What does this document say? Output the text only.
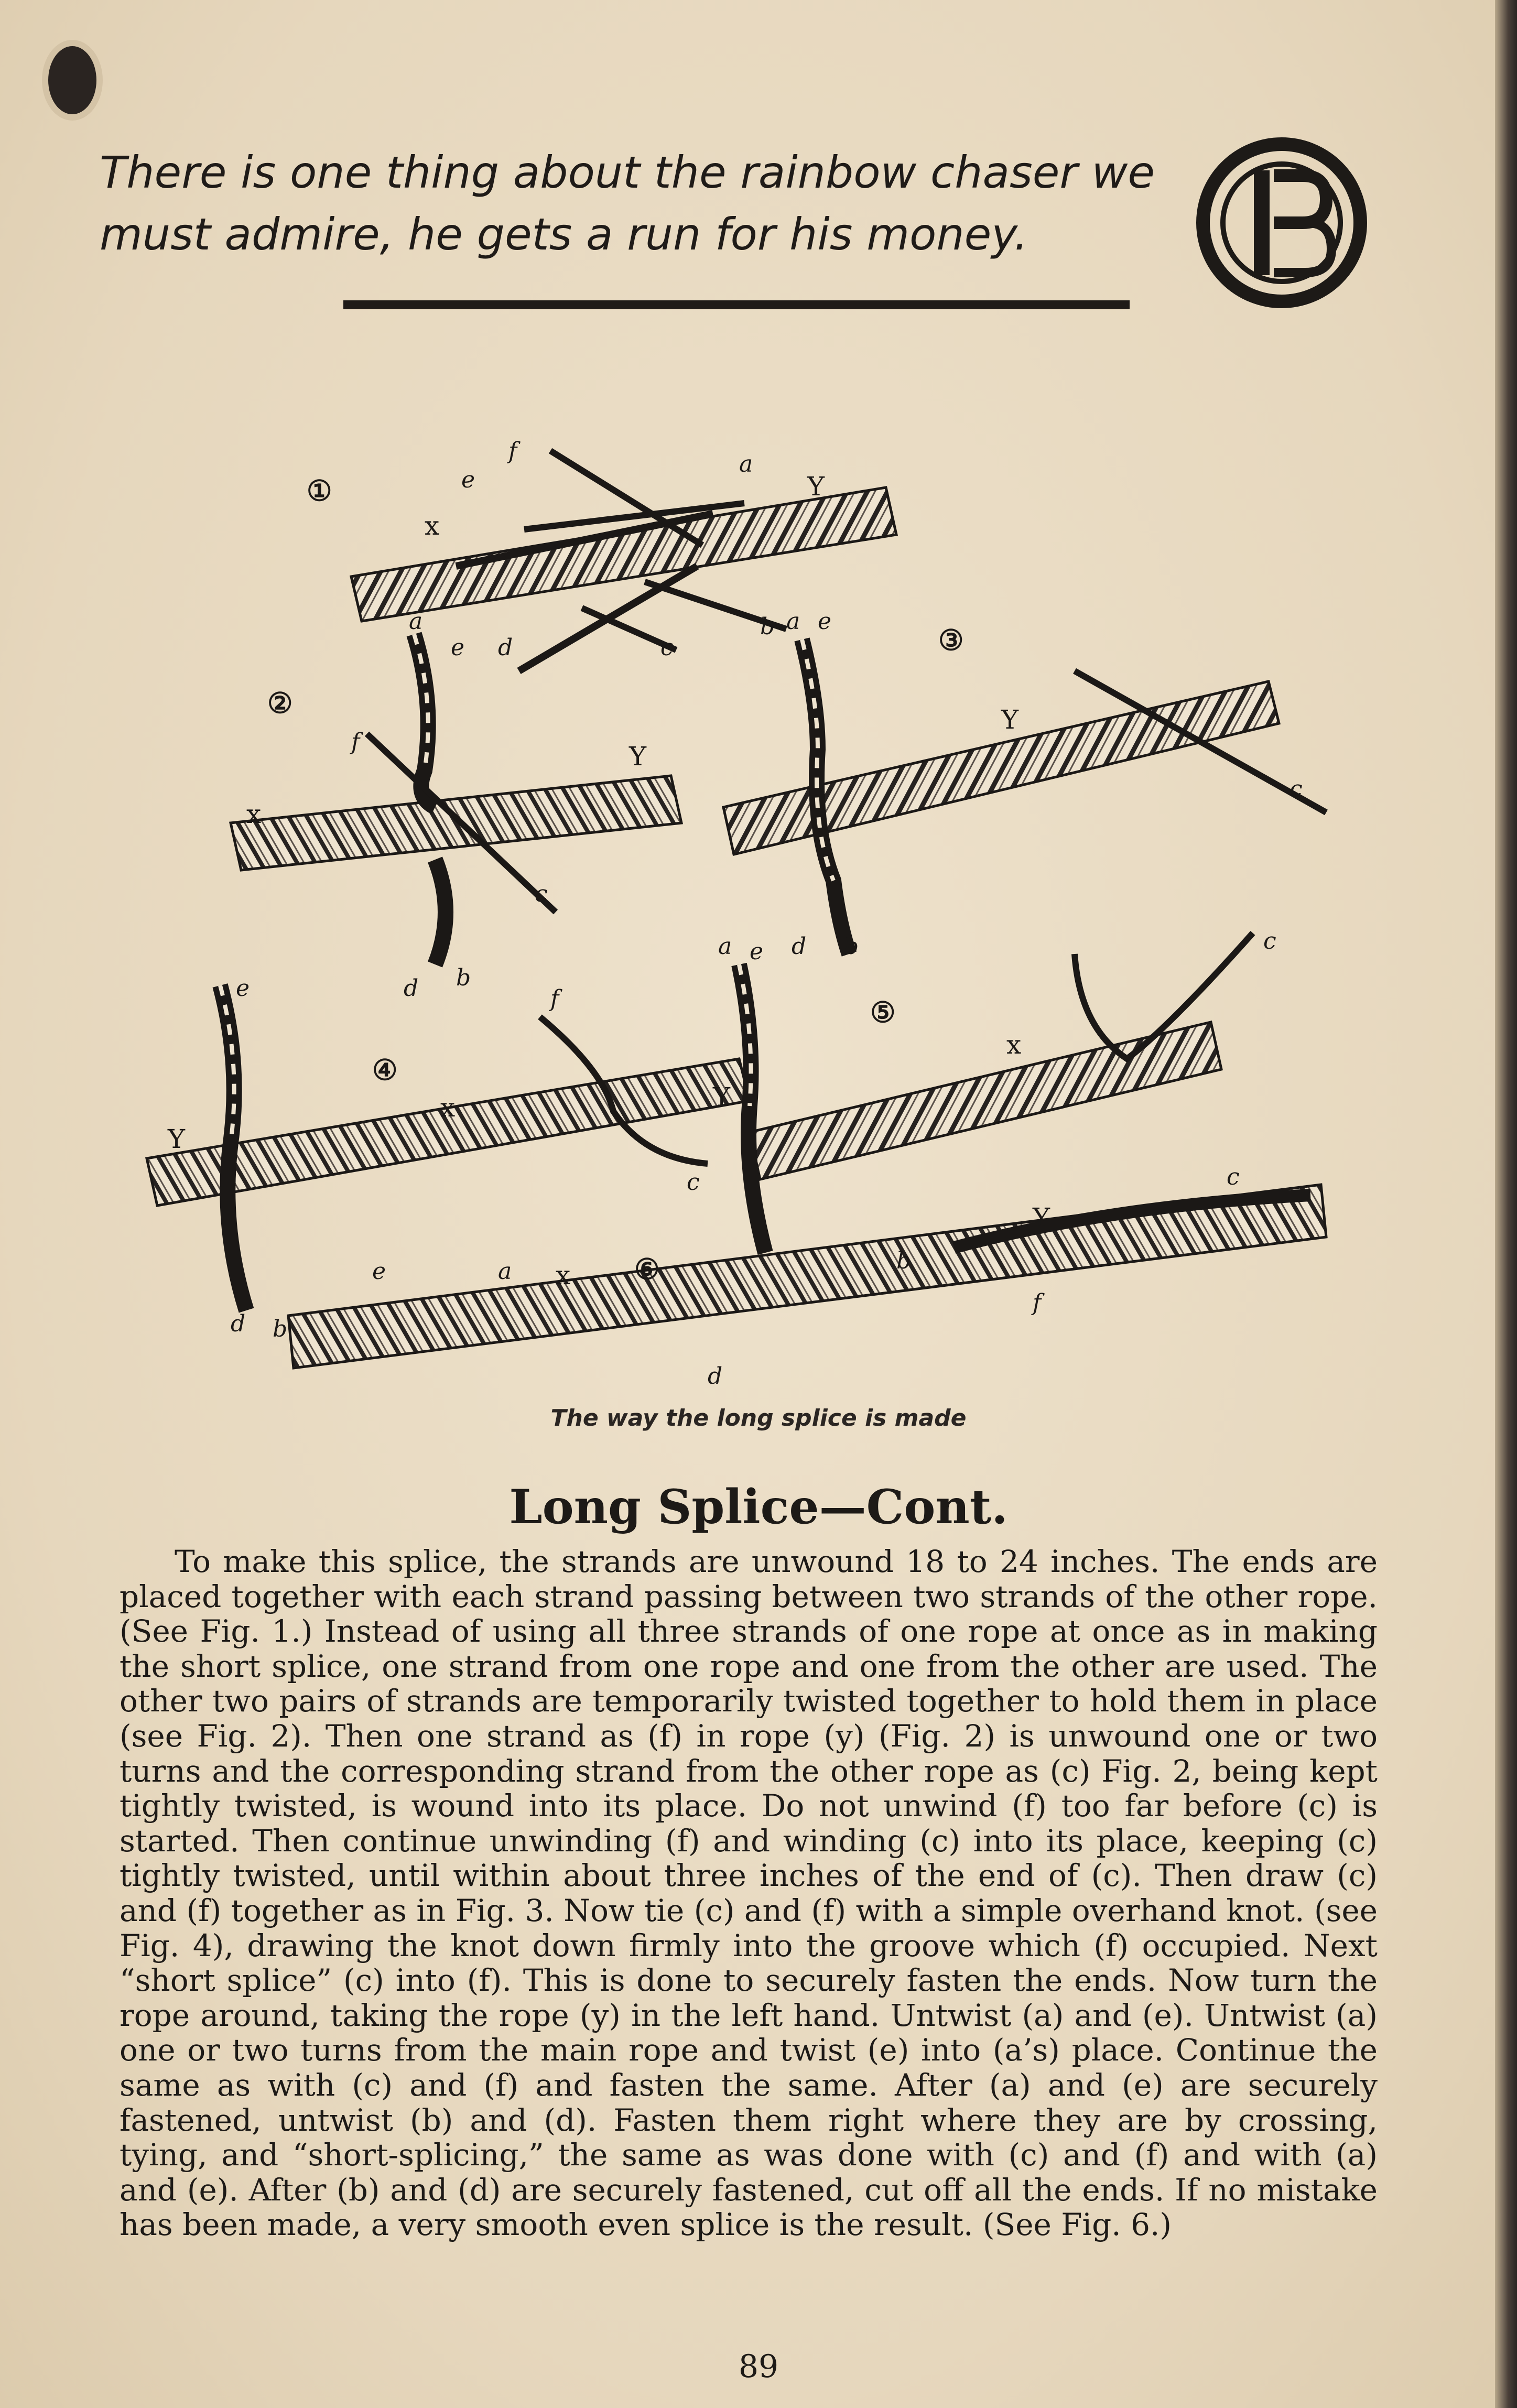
There is one thing about the rainbow chaser we must admire, he gets a run for his money.
①
f
e
a
Y
x
b
c
②
a
e d
f	Y
x
c
d b
③
a e
Y
d b
c
④
e	f
Y
x
c
⑤
a e
Y
x
c
⑥
e	a x
d b
b
Y
c
f
d
The way the long splice is made
Long Splice—Cont.
To make this splice, the strands are unwound 18 to 24 inches. The ends are placed together with each strand passing between two strands of the other rope. (See Fig. 1.) Instead of using all three strands of one rope at once as in making the short splice, one strand from one rope and one from the other are used. The other two pairs of strands are temporarily twisted together to hold them in place (see Fig. 2). Then one strand as (f) in rope (y) (Fig. 2) is unwound one or two turns and the corresponding strand from the other rope as (c) Fig. 2, being kept tightly twisted, is wound into its place. Do not unwind (f) too far before (c) is started. Then continue unwinding (f) and winding (c) into its place, keeping (c) tightly twisted, until within about three inches of the end of (c). Then draw (c) and (f) together as in Fig. 3. Now tie (c) and (f) with a simple overhand knot. (see Fig. 4), drawing the knot down firmly into the groove which (f) occupied. Next “short splice” (c) into (f). This is done to securely fasten the ends. Now turn the rope around, taking the rope (y) in the left hand. Untwist (a) and (e). Untwist (a) one or two turns from the main rope and twist (e) into (a’s) place. Continue the same as with (c) and (f) and fasten the same. After (a) and (e) are securely fastened, untwist (b) and (d). Fasten them right where they are by crossing, tying, and “short-splicing,” the same as was done with (c) and (f) and with (a) and (e). After (b) and (d) are securely fastened, cut off all the ends. If no mistake has been made, a very smooth even splice is the result. (See Fig. 6.)
89
